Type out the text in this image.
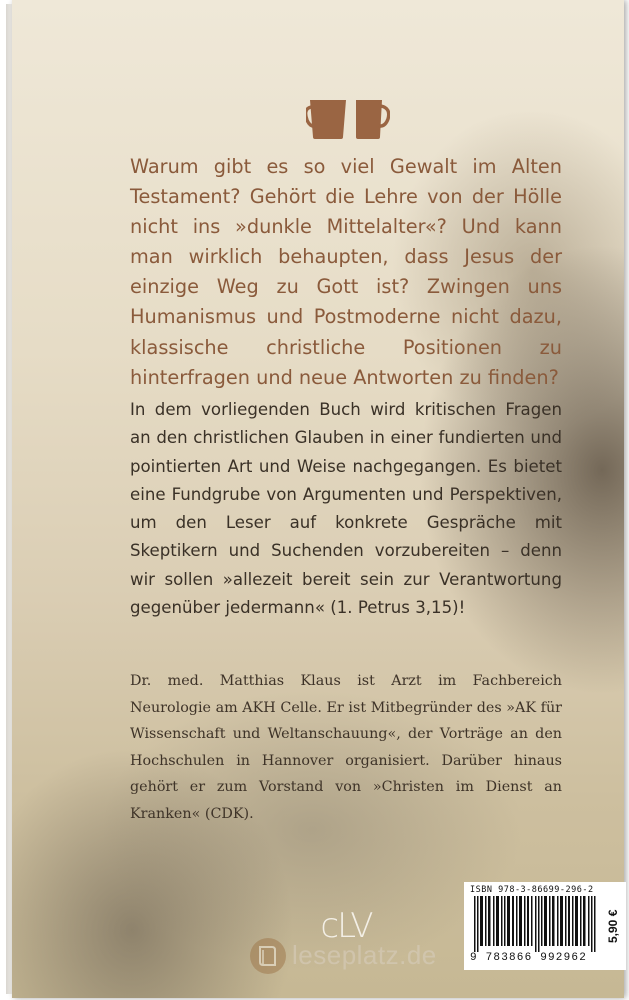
Warum gibt es so viel Gewalt im Alten Testament? Gehört die Lehre von der Hölle nicht ins »dunkle Mittelalter«? Und kann man wirklich behaupten, dass Jesus der einzige Weg zu Gott ist? Zwingen uns Humanismus und Postmoderne nicht dazu, klassische christliche Positionen zu hinterfragen und neue Antworten zu finden?

In dem vorliegenden Buch wird kritischen Fragen an den christlichen Glauben in einer fundierten und pointierten Art und Weise nachgegangen. Es bietet eine Fundgrube von Argumenten und Perspektiven, um den Leser auf konkrete Gespräche mit Skeptikern und Suchenden vorzubereiten – denn wir sollen »allezeit bereit sein zur Verantwortung gegenüber jedermann« (1. Petrus 3,15)!

Dr. med. Matthias Klaus ist Arzt im Fachbereich Neurologie am AKH Celle. Er ist Mitbegründer des »AK für Wissenschaft und Weltanschauung«, der Vorträge an den Hochschulen in Hannover organisiert. Darüber hinaus gehört er zum Vorstand von »Christen im Dienst an Kranken« (CDK).

cLV
ISBN 978-3-86699-296-2
9 783866 992962
5,90 €
leseplatz.de
